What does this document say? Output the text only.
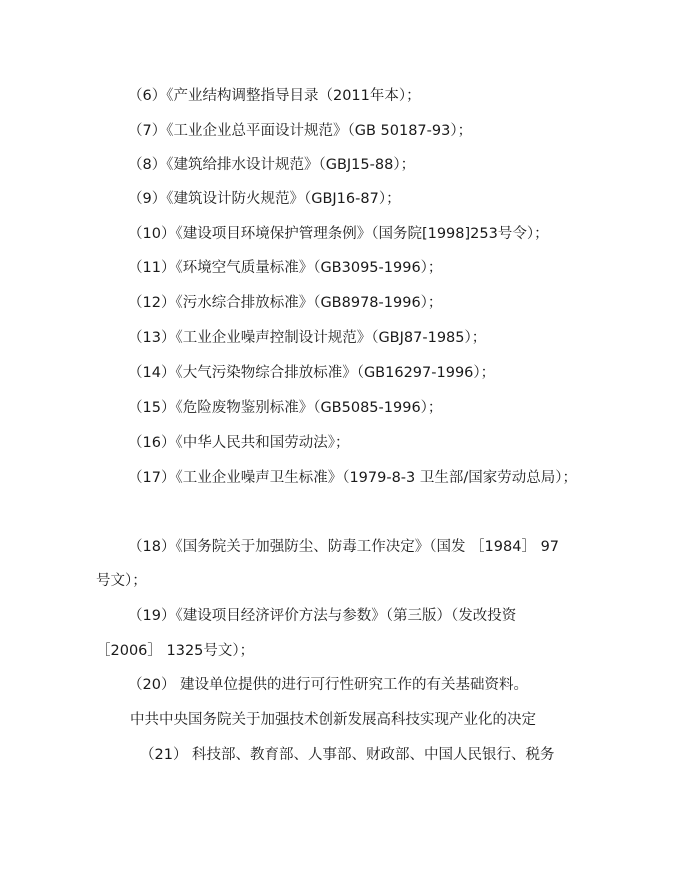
（6）《产业结构调整指导目录（2011年本）；
（7）《工业企业总平面设计规范》（GB 50187-93）；
（8）《建筑给排水设计规范》（GBJ15-88）；
（9）《建筑设计防火规范》（GBJ16-87）；
（10）《建设项目环境保护管理条例》（国务院[1998]253号令）；
（11）《环境空气质量标准》（GB3095-1996）；
（12）《污水综合排放标准》（GB8978-1996）；
（13）《工业企业噪声控制设计规范》（GBJ87-1985）；
（14）《大气污染物综合排放标准》（GB16297-1996）；
（15）《危险废物鉴别标准》（GB5085-1996）；
（16）《中华人民共和国劳动法》；
（17）《工业企业噪声卫生标准》（1979-8-3 卫生部/国家劳动总局）；
（18）《国务院关于加强防尘、防毒工作决定》（国发 ［1984］ 97
号文）；
（19）《建设项目经济评价方法与参数》（第三版）（发改投资
［2006］ 1325号文）；
（20） 建设单位提供的进行可行性研究工作的有关基础资料。
中共中央国务院关于加强技术创新发展高科技实现产业化的决定
（21） 科技部、教育部、人事部、财政部、中国人民银行、税务
